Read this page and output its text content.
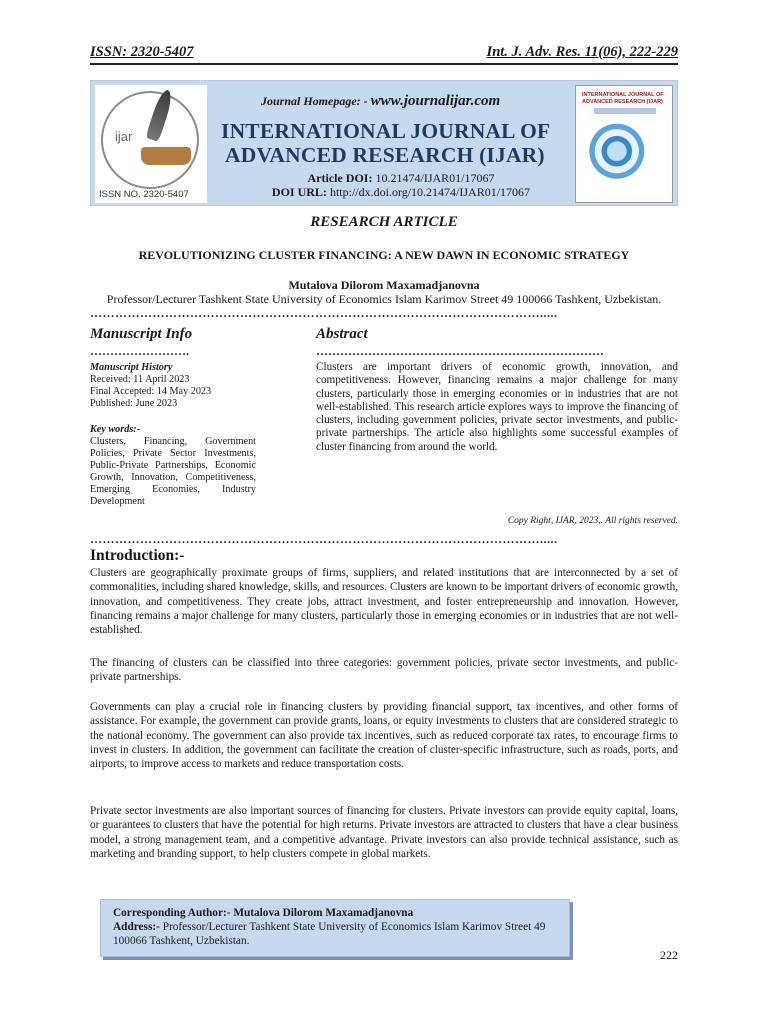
ISSN: 2320-5407	Int. J. Adv. Res. 11(06), 222-229
ijar
ISSN NO. 2320-5407
Journal Homepage: - www.journalijar.com
INTERNATIONAL JOURNAL OF
ADVANCED RESEARCH (IJAR)
Article DOI: 10.21474/IJAR01/17067
DOI URL: http://dx.doi.org/10.21474/IJAR01/17067
INTERNATIONAL JOURNAL OF ADVANCED RESEARCH (IJAR)
RESEARCH ARTICLE
REVOLUTIONIZING CLUSTER FINANCING: A NEW DAWN IN ECONOMIC STRATEGY
Mutalova Dilorom Maxamadjanovna
Professor/Lecturer Tashkent State University of Economics Islam Karimov Street 49 100066 Tashkent, Uzbekistan.
……………………………………………………………………………………………….....
Manuscript Info	Abstract
…………………….	………………………………………………………………
Manuscript History
Received: 11 April 2023
Final Accepted: 14 May 2023
Published: June 2023
Key words:-
Clusters, Financing, Government Policies, Private Sector Investments, Public-Private Partnerships, Economic Growth, Innovation, Competitiveness, Emerging Economies, Industry Development
Clusters are important drivers of economic growth, innovation, and competitiveness. However, financing remains a major challenge for many clusters, particularly those in emerging economies or in industries that are not well-established. This research article explores ways to improve the financing of clusters, including government policies, private sector investments, and public-private partnerships. The article also highlights some successful examples of cluster financing from around the world.
Copy Right, IJAR, 2023,. All rights reserved.
……………………………………………………………………………………………….....
Introduction:-
Clusters are geographically proximate groups of firms, suppliers, and related institutions that are interconnected by a set of commonalities, including shared knowledge, skills, and resources. Clusters are known to be important drivers of economic growth, innovation, and competitiveness. They create jobs, attract investment, and foster entrepreneurship and innovation. However, financing remains a major challenge for many clusters, particularly those in emerging economies or in industries that are not well-established.
The financing of clusters can be classified into three categories: government policies, private sector investments, and public-private partnerships.
Governments can play a crucial role in financing clusters by providing financial support, tax incentives, and other forms of assistance. For example, the government can provide grants, loans, or equity investments to clusters that are considered strategic to the national economy. The government can also provide tax incentives, such as reduced corporate tax rates, to encourage firms to invest in clusters. In addition, the government can facilitate the creation of cluster-specific infrastructure, such as roads, ports, and airports, to improve access to markets and reduce transportation costs.
Private sector investments are also important sources of financing for clusters. Private investors can provide equity capital, loans, or guarantees to clusters that have the potential for high returns. Private investors are attracted to clusters that have a clear business model, a strong management team, and a competitive advantage. Private investors can also provide technical assistance, such as marketing and branding support, to help clusters compete in global markets.
Corresponding Author:- Mutalova Dilorom Maxamadjanovna
Address:- Professor/Lecturer Tashkent State University of Economics Islam Karimov Street 49 100066 Tashkent, Uzbekistan.
222
